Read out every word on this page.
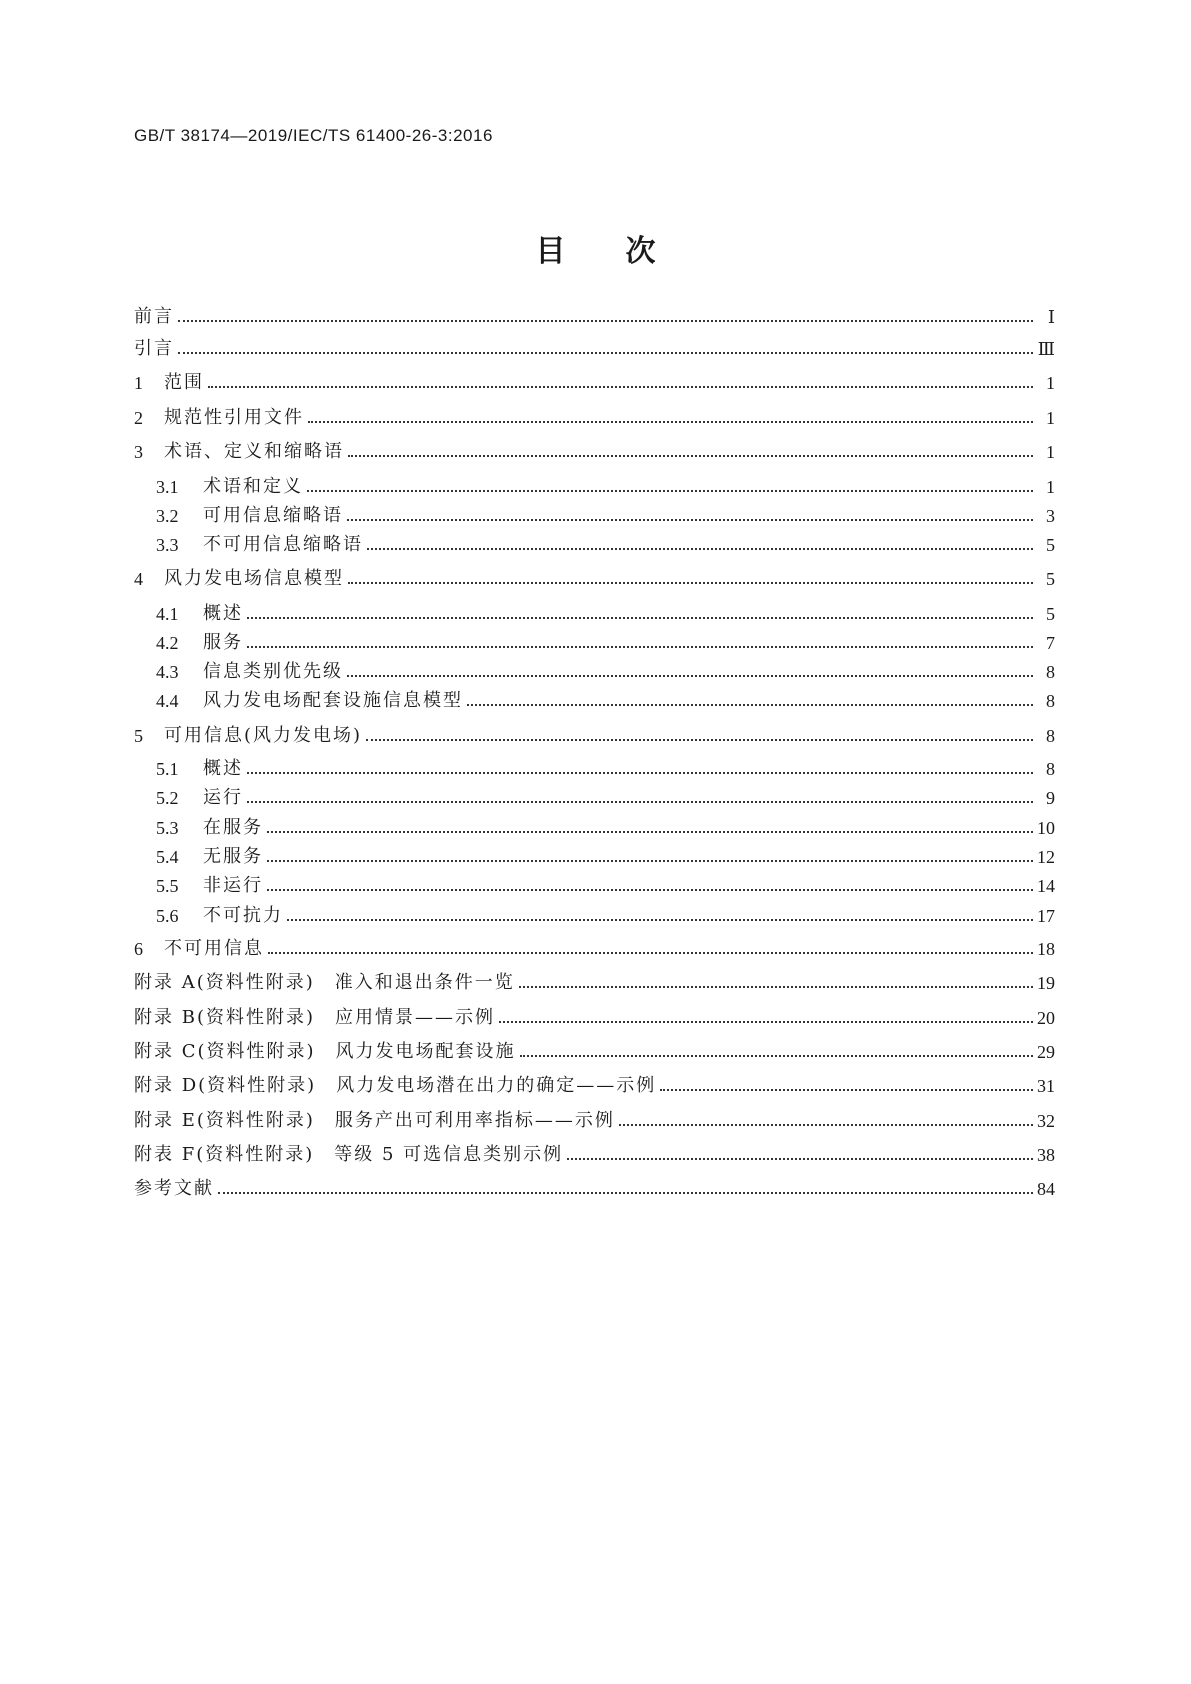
GB/T 38174—2019/IEC/TS 61400-26-3:2016
目　　次
前言	Ⅰ
引言	Ⅲ
1	范围	1
2	规范性引用文件	1
3	术语、定义和缩略语	1
3.1	术语和定义	1
3.2	可用信息缩略语	3
3.3	不可用信息缩略语	5
4	风力发电场信息模型	5
4.1	概述	5
4.2	服务	7
4.3	信息类别优先级	8
4.4	风力发电场配套设施信息模型	8
5	可用信息(风力发电场)	8
5.1	概述	8
5.2	运行	9
5.3	在服务	10
5.4	无服务	12
5.5	非运行	14
5.6	不可抗力	17
6	不可用信息	18
附录 A(资料性附录)　准入和退出条件一览	19
附录 B(资料性附录)　应用情景——示例	20
附录 C(资料性附录)　风力发电场配套设施	29
附录 D(资料性附录)　风力发电场潜在出力的确定——示例	31
附录 E(资料性附录)　服务产出可利用率指标——示例	32
附表 F(资料性附录)　等级 5 可选信息类别示例	38
参考文献	84
